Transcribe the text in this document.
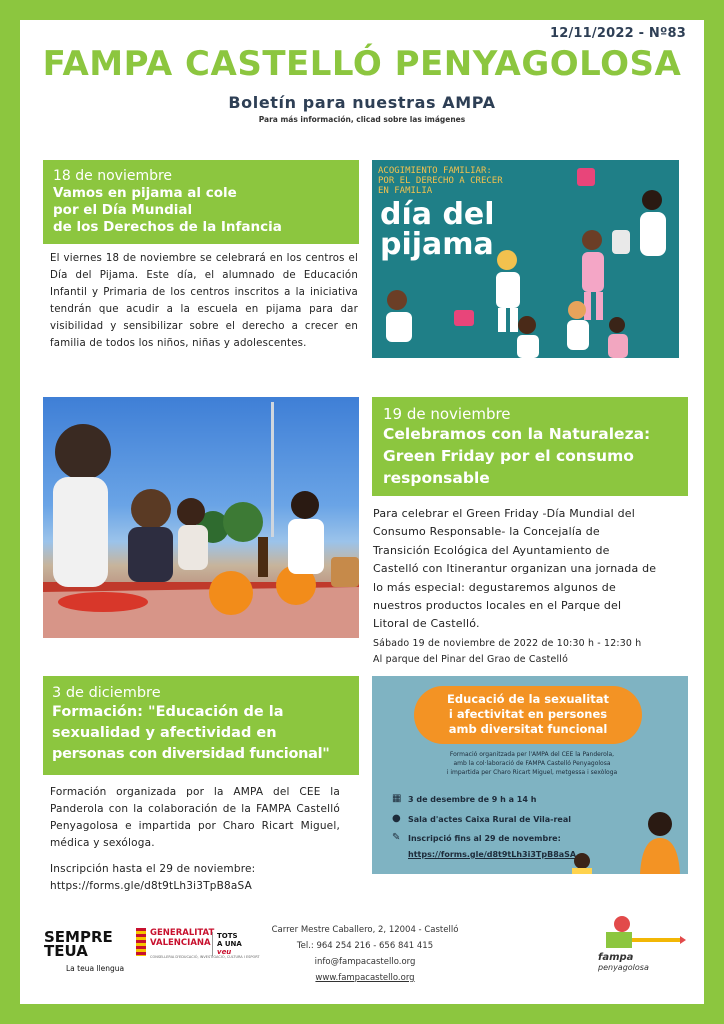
12/11/2022 - Nº83
FAMPA CASTELLÓ PENYAGOLOSA
Boletín para nuestras AMPA
Para más información, clicad sobre las imágenes
18 de noviembre
Vamos en pijama al cole
por el Día Mundial
de los Derechos de la Infancia
El viernes 18 de noviembre se celebrará en los centros el Día del Pijama. Este día, el alumnado de Educación Infantil y Primaria de los centros inscritos a la iniciativa tendrán que acudir a la escuela en pijama para dar visibilidad y sensibilizar sobre el derecho a crecer en familia de todos los niños, niñas y adolescentes.
ACOGIMIENTO FAMILIAR:
POR EL DERECHO A CRECER
EN FAMILIA
día del
pijama
19 de noviembre
Celebramos con la Naturaleza:
Green Friday por el consumo
responsable
Para celebrar el Green Friday -Día Mundial del
Consumo Responsable- la Concejalía de
Transición Ecológica del Ayuntamiento de
Castelló con Itinerantur organizan una jornada de
lo más especial: degustaremos algunos de
nuestros productos locales en el Parque del
Litoral de Castelló.
Sábado 19 de noviembre de 2022 de 10:30 h - 12:30 h
Al parque del Pinar del Grao de Castelló
3 de diciembre
Formación: "Educación de la
sexualidad y afectividad en
personas con diversidad funcional"
Formación organizada por la AMPA del CEE la Panderola con la colaboración de la FAMPA Castelló Penyagolosa e impartida por Charo Ricart Miguel, médica y sexóloga.
Inscripción hasta el 29 de noviembre:
https://forms.gle/d8t9tLh3i3TpB8aSA
Educació de la sexualitat
i afectivitat en persones
amb diversitat funcional
Formació organitzada per l'AMPA del CEE la Panderola,
amb la col·laboració de FAMPA Castelló Penyagolosa
i impartida per Charo Ricart Miguel, metgessa i sexòloga
▦ 3 de desembre de 9 h a 14 h
● Sala d'actes Caixa Rural de Vila-real
✎ Inscripció fins al 29 de novembre:
https://forms.gle/d8t9tLh3i3TpB8aSA
SEMPRE
TEUA
La teua llengua
GENERALITAT
VALENCIANA
TOTS
A UNA
veu
CONSELLERIA D'EDUCACIÓ, INVESTIGACIÓ, CULTURA I ESPORT
Carrer Mestre Caballero, 2, 12004 - Castelló
Tel.: 964 254 216 - 656 841 415
info@fampacastello.org
www.fampacastello.org
fampa penyagolosa
